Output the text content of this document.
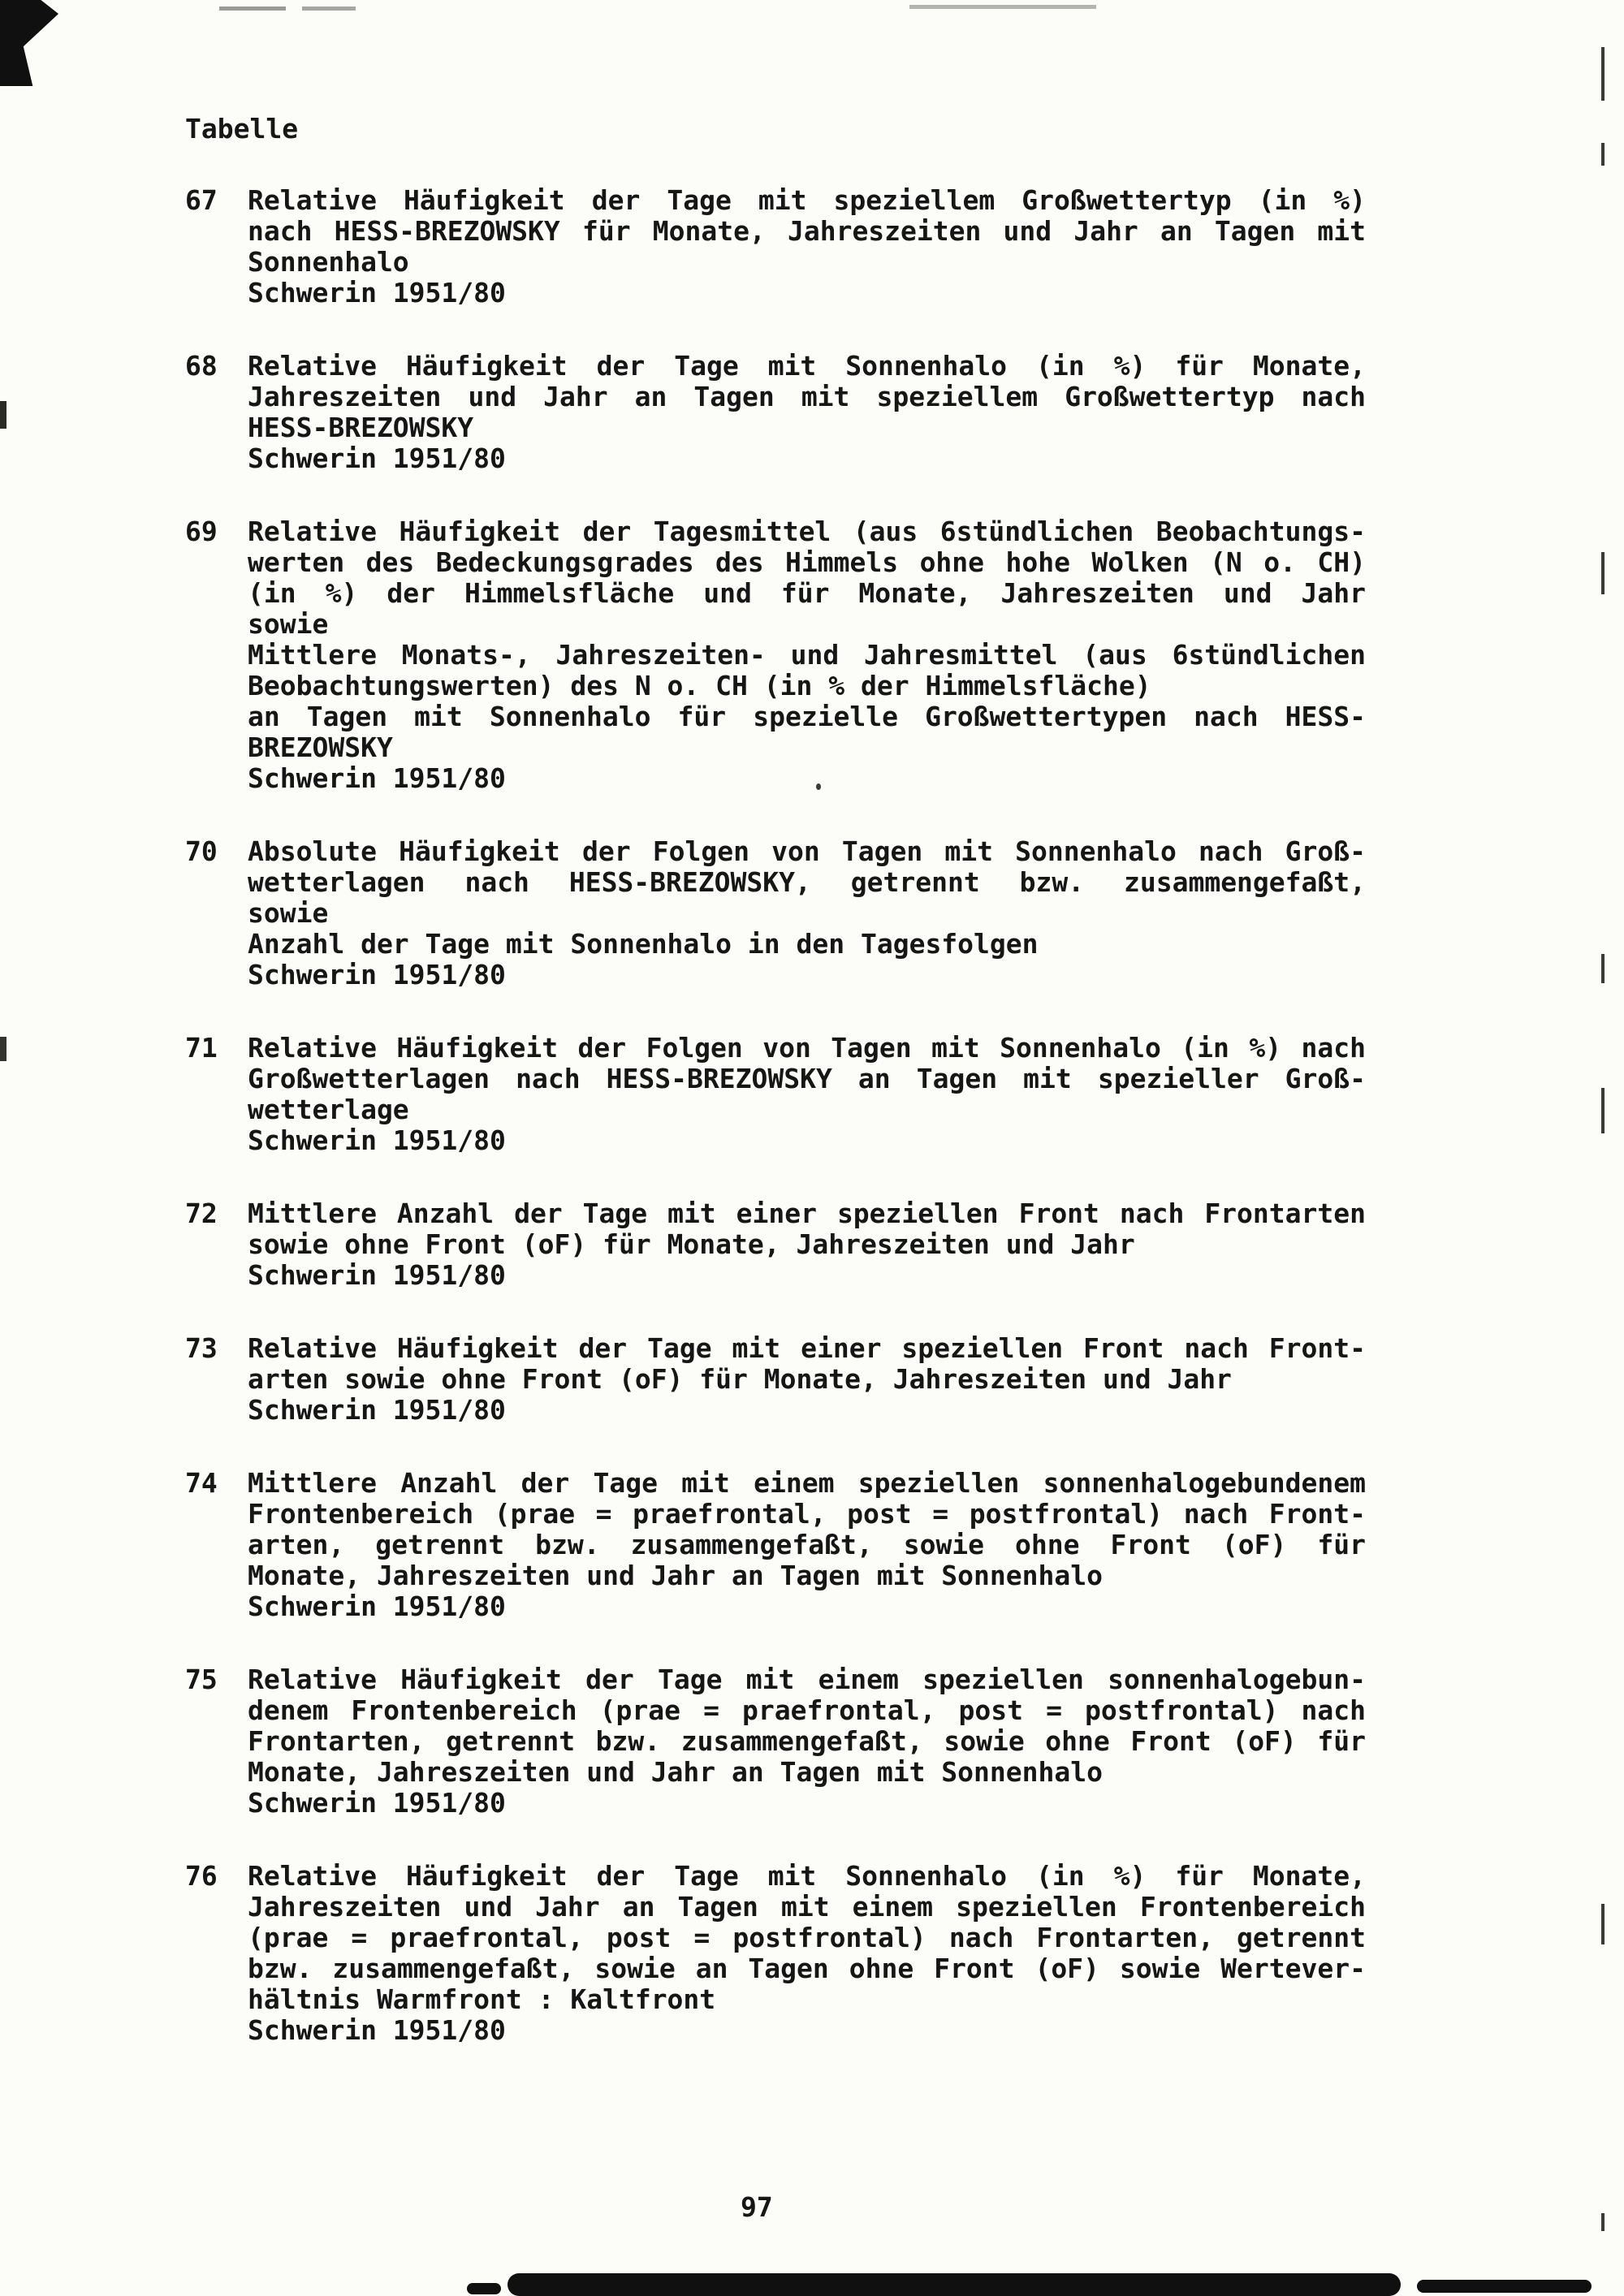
Tabelle
67	Relative Häufigkeit der Tage mit speziellem Großwettertyp (in %)
nach HESS-BREZOWSKY für Monate, Jahreszeiten und Jahr an Tagen mit
Sonnenhalo
Schwerin 1951/80
68	Relative Häufigkeit der Tage mit Sonnenhalo (in %) für Monate,
Jahreszeiten und Jahr an Tagen mit speziellem Großwettertyp nach
HESS-BREZOWSKY
Schwerin 1951/80
69	Relative Häufigkeit der Tagesmittel (aus 6stündlichen Beobachtungs-
werten des Bedeckungsgrades des Himmels ohne hohe Wolken (N o. CH)
(in %) der Himmelsfläche und für Monate, Jahreszeiten und Jahr
sowie
Mittlere Monats-, Jahreszeiten- und Jahresmittel (aus 6stündlichen
Beobachtungswerten) des N o. CH (in % der Himmelsfläche)
an Tagen mit Sonnenhalo für spezielle Großwettertypen nach HESS-
BREZOWSKY
Schwerin 1951/80
70	Absolute Häufigkeit der Folgen von Tagen mit Sonnenhalo nach Groß-
wetterlagen nach HESS-BREZOWSKY, getrennt bzw. zusammengefaßt,
sowie
Anzahl der Tage mit Sonnenhalo in den Tagesfolgen
Schwerin 1951/80
71	Relative Häufigkeit der Folgen von Tagen mit Sonnenhalo (in %) nach
Großwetterlagen nach HESS-BREZOWSKY an Tagen mit spezieller Groß-
wetterlage
Schwerin 1951/80
72	Mittlere Anzahl der Tage mit einer speziellen Front nach Frontarten
sowie ohne Front (oF) für Monate, Jahreszeiten und Jahr
Schwerin 1951/80
73	Relative Häufigkeit der Tage mit einer speziellen Front nach Front-
arten sowie ohne Front (oF) für Monate, Jahreszeiten und Jahr
Schwerin 1951/80
74	Mittlere Anzahl der Tage mit einem speziellen sonnenhalogebundenem
Frontenbereich (prae = praefrontal, post = postfrontal) nach Front-
arten, getrennt bzw. zusammengefaßt, sowie ohne Front (oF) für
Monate, Jahreszeiten und Jahr an Tagen mit Sonnenhalo
Schwerin 1951/80
75	Relative Häufigkeit der Tage mit einem speziellen sonnenhalogebun-
denem Frontenbereich (prae = praefrontal, post = postfrontal) nach
Frontarten, getrennt bzw. zusammengefaßt, sowie ohne Front (oF) für
Monate, Jahreszeiten und Jahr an Tagen mit Sonnenhalo
Schwerin 1951/80
76	Relative Häufigkeit der Tage mit Sonnenhalo (in %) für Monate,
Jahreszeiten und Jahr an Tagen mit einem speziellen Frontenbereich
(prae = praefrontal, post = postfrontal) nach Frontarten, getrennt
bzw. zusammengefaßt, sowie an Tagen ohne Front (oF) sowie Wertever-
hältnis Warmfront : Kaltfront
Schwerin 1951/80
97
